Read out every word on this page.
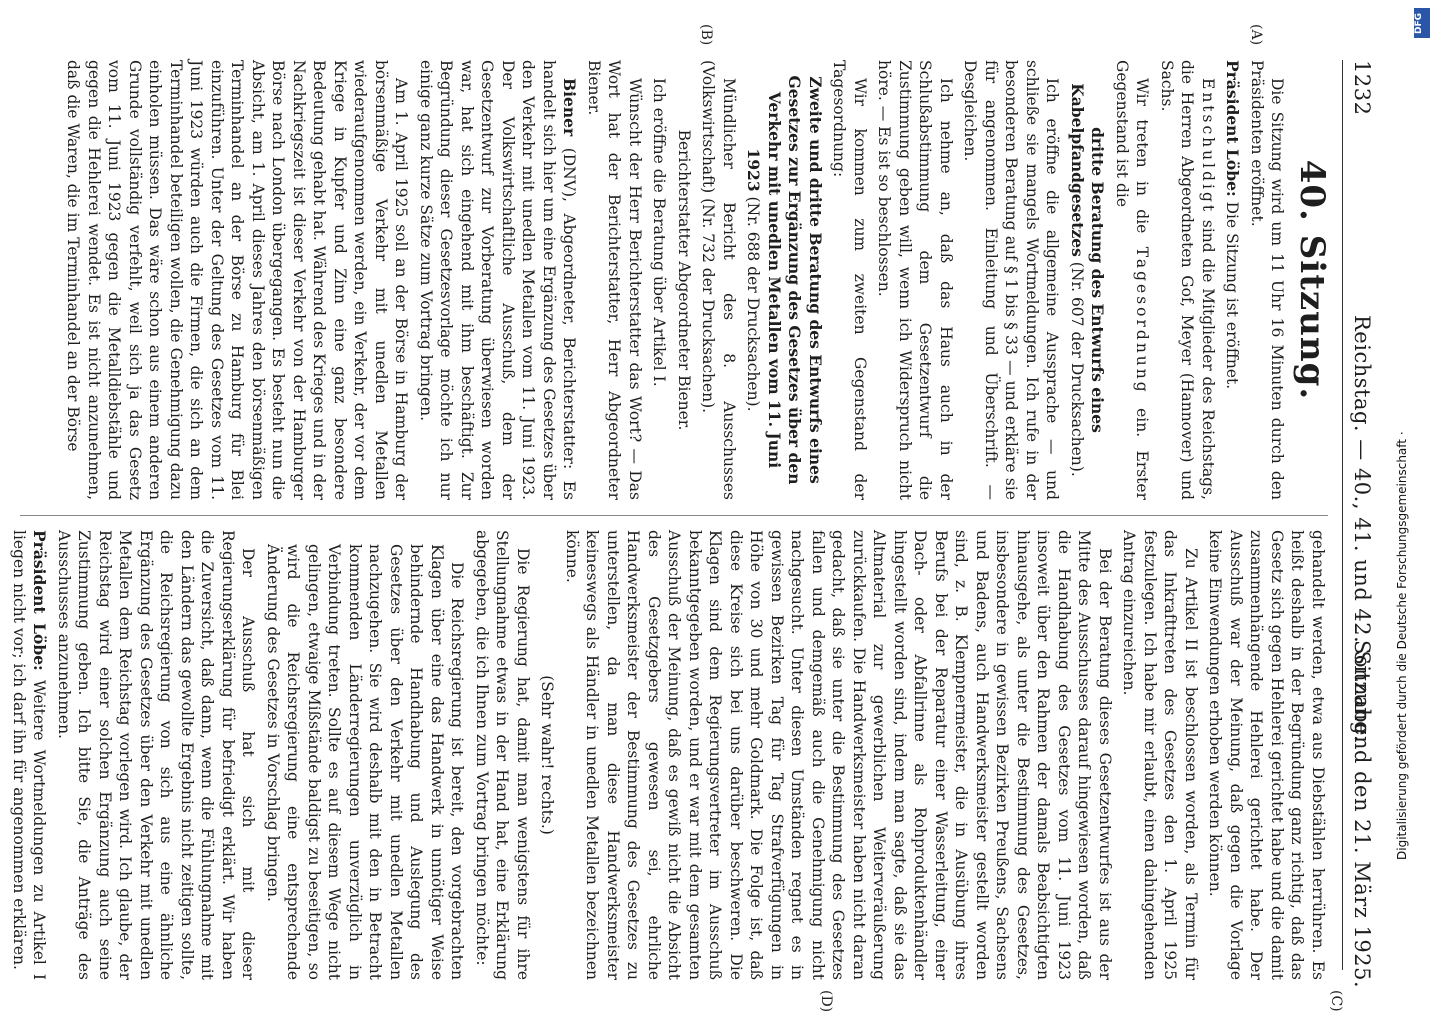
1232
Reichstag. — 40., 41. und 42. Sitzung.
Sonnabend den 21. März 1925.
(A)
(B)
(C)
(D)
40. Sitzung.

Die Sitzung wird um 11 Uhr 16 Minuten durch den Präsidenten eröffnet.

Präsident Löbe: Die Sitzung ist eröffnet.

Entschuldigt sind die Mitglieder des Reichstags, die Herren Abgeordneten Gof, Meyer (Hannover) und Sachs.

Wir treten in die Tagesordnung ein. Erster Gegenstand ist die

dritte Beratung des Entwurfs eines Kabelpfandgesetzes (Nr. 607 der Drucksachen).

Ich eröffne die allgemeine Aussprache — und schließe sie mangels Wortmeldungen. Ich rufe in der besonderen Beratung auf § 1 bis § 33 — und erkläre sie für angenommen. Einleitung und Überschrift. — Desgleichen.

Ich nehme an, daß das Haus auch in der Schlußabstimmung dem Gesetzentwurf die Zustimmung geben will, wenn ich Widerspruch nicht höre. — Es ist so beschlossen.

Wir kommen zum zweiten Gegenstand der Tagesordnung:

Zweite und dritte Beratung des Entwurfs eines Gesetzes zur Ergänzung des Gesetzes über den Verkehr mit unedlen Metallen vom 11. Juni 1923 (Nr. 688 der Drucksachen).

Mündlicher Bericht des 8. Ausschusses (Volkswirtschaft) (Nr. 732 der Drucksachen).

Berichterstatter Abgeordneter Biener.

Ich eröffne die Beratung über Artikel I.

Wünscht der Herr Berichterstatter das Wort? — Das Wort hat der Berichterstatter, Herr Abgeordneter Biener.

Biener (DNV), Abgeordneter, Berichterstatter: Es handelt sich hier um eine Ergänzung des Gesetzes über den Verkehr mit unedlen Metallen vom 11. Juni 1923. Der Volkswirtschaftliche Ausschuß, dem der Gesetzentwurf zur Vorberatung überwiesen worden war, hat sich eingehend mit ihm beschäftigt. Zur Begründung dieser Gesetzesvorlage möchte ich nur einige ganz kurze Sätze zum Vortrag bringen.

Am 1. April 1925 soll an der Börse in Hamburg der börsenmäßige Verkehr mit unedlen Metallen wiederaufgenommen werden, ein Verkehr, der vor dem Kriege in Kupfer und Zinn eine ganz besondere Bedeutung gehabt hat. Während des Krieges und in der Nachkriegszeit ist dieser Verkehr von der Hamburger Börse nach London übergegangen. Es besteht nun die Absicht, am 1. April dieses Jahres den börsenmäßigen Terminhandel an der Börse zu Hamburg für Blei einzuführen. Unter der Geltung des Gesetzes vom 11. Juni 1923 würden auch die Firmen, die sich an dem Terminhandel beteiligen wollen, die Genehmigung dazu einholen müssen. Das wäre schon aus einem anderen Grunde vollständig verfehlt, weil sich ja das Gesetz vom 11. Juni 1923 gegen die Metalldiebstähle und gegen die Hehlerei wendet. Es ist nicht anzunehmen, daß die Waren, die im Terminhandel an der Börse

gehandelt werden, etwa aus Diebstählen herrühren. Es heißt deshalb in der Begründung ganz richtig, daß das Gesetz sich gegen Hehlerei gerichtet habe und die damit zusammenhängende Hehlerei gerichtet habe. Der Ausschuß war der Meinung, daß gegen die Vorlage keine Einwendungen erhoben werden können.

Zu Artikel II ist beschlossen worden, als Termin für das Inkrafttreten des Gesetzes den 1. April 1925 festzulegen. Ich habe mir erlaubt, einen dahingehenden Antrag einzureichen.

Bei der Beratung dieses Gesetzentwurfes ist aus der Mitte des Ausschusses darauf hingewiesen worden, daß die Handhabung des Gesetzes vom 11. Juni 1923 insoweit über den Rahmen der damals Beabsichtigten hinausgehe, als unter die Bestimmung des Gesetzes, insbesondere in gewissen Bezirken Preußens, Sachsens und Badens, auch Handwerksmeister gestellt worden sind, z. B. Klempnermeister, die in Ausübung ihres Berufs bei der Reparatur einer Wasserleitung, einer Dach- oder Abfallrinne als Rohproduktenhändler hingestellt worden sind, indem man sagte, daß sie das Altmaterial zur gewerblichen Weiterveräußerung zurückkaufen. Die Handwerksmeister haben nicht daran gedacht, daß sie unter die Bestimmung des Gesetzes fallen und demgemäß auch die Genehmigung nicht nachgesucht. Unter diesen Umständen regnet es in gewissen Bezirken Tag für Tag Strafverfügungen in Höhe von 30 und mehr Goldmark. Die Folge ist, daß diese Kreise sich bei uns darüber beschweren. Die Klagen sind dem Regierungsvertreter im Ausschuß bekanntgegeben worden, und er war mit dem gesamten Ausschuß der Meinung, daß es gewiß nicht die Absicht des Gesetzgebers gewesen sei, ehrliche Handwerksmeister der Bestimmung des Gesetzes zu unterstellen, da man diese Handwerksmeister keineswegs als Händler in unedlen Metallen bezeichnen könne.

(Sehr wahr! rechts.)

Die Regierung hat, damit man wenigstens für ihre Stellungnahme etwas in der Hand hat, eine Erklärung abgegeben, die ich Ihnen zum Vortrag bringen möchte:

Die Reichsregierung ist bereit, den vorgebrachten Klagen über eine das Handwerk in unnötiger Weise behindernde Handhabung und Auslegung des Gesetzes über den Verkehr mit unedlen Metallen nachzugehen. Sie wird deshalb mit den in Betracht kommenden Länderregierungen unverzüglich in Verbindung treten. Sollte es auf diesem Wege nicht gelingen, etwaige Mißstände baldigst zu beseitigen, so wird die Reichsregierung eine entsprechende Änderung des Gesetzes in Vorschlag bringen.

Der Ausschuß hat sich mit dieser Regierungserklärung für befriedigt erklärt. Wir haben die Zuversicht, daß dann, wenn die Fühlungnahme mit den Ländern das gewollte Ergebnis nicht zeitigen sollte, die Reichsregierung von sich aus eine ähnliche Ergänzung des Gesetzes über den Verkehr mit unedlen Metallen dem Reichstag vorlegen wird. Ich glaube, der Reichstag wird einer solchen Ergänzung auch seine Zustimmung geben. Ich bitte Sie, die Anträge des Ausschusses anzunehmen.

Präsident Löbe: Weitere Wortmeldungen zu Artikel I liegen nicht vor; ich darf ihn für angenommen erklären.	Digitalisierung gefördert durch die Deutsche Forschungsgemeinschaft ·
DFG
